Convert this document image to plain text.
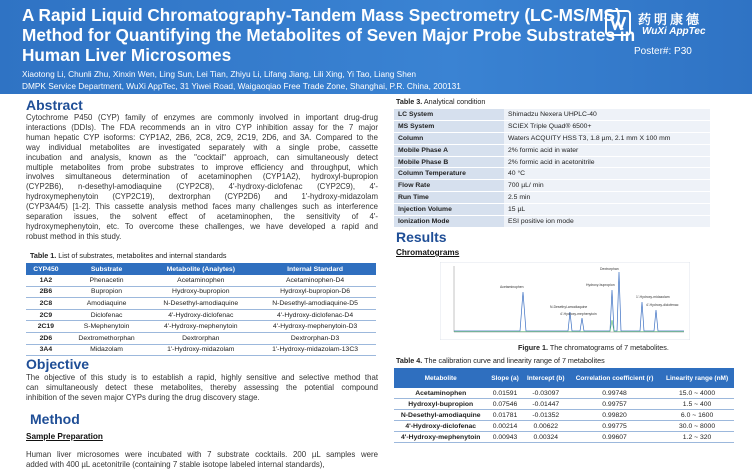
A Rapid Liquid Chromatography-Tandem Mass Spectrometry (LC-MS/MS)
Method for Quantifying the Metabolites of Seven Major Probe Substrates in
Human Liver Microsomes
Xiaotong Li, Chunli Zhu, Xinxin Wen, Ling Sun, Lei Tian, Zhiyu Li, Lifang Jiang, Lili Xing, Yi Tao, Liang Shen
DMPK Service Department, WuXi AppTec, 31 Yiwei Road, Waigaoqiao Free Trade Zone, Shanghai, P.R. China, 200131
药明康德
WuXi AppTec
Poster#: P30
Abstract
Cytochrome P450 (CYP) family of enzymes are commonly involved in important drug-drug
interactions (DDIs). The FDA recommends an in vitro CYP inhibition assay for the 7 major
human hepatic CYP isoforms: CYP1A2, 2B6, 2C8, 2C9, 2C19, 2D6, and 3A. Compared to the
way individual metabolites are investigated separately with a single probe, cassette
incubation and analysis, known as the "cocktail" approach, can simultaneously detect
multiple metabolites from probe substrates to improve efficiency and throughput, which
involves simultaneous determination of acetaminophen (CYP1A2), hydroxyl-bupropion
(CYP2B6), n-desethyl-amodiaquine (CYP2C8), 4'-hydroxy-diclofenac (CYP2C9), 4'-
hydroxymephenytoin (CYP2C19), dextrorphan (CYP2D6) and 1'-hydroxy-midazolam
(CYP3A4/5) [1-2]. This cassette analysis method faces many challenges such as interference
separation issues, the solvent effect of acetaminophen, the sensitivity of 4'-
hydroxymephenytoin, etc. To overcome these challenges, we have developed a rapid and
robust method in this study.
Table 1. List of substrates, metabolites and internal standards
CYP450	Substrate	Metabolite (Analytes)	Internal Standard
1A2	Phenacetin	Acetaminophen	Acetaminophen-D4
2B6	Bupropion	Hydroxy-bupropion	Hydroxyl-bupropion-D6
2C8	Amodiaquine	N-Desethyl-amodiaquine	N-Desethyl-amodiaquine-D5
2C9	Diclofenac	4'-Hydroxy-diclofenac	4'-Hydroxy-diclofenac-D4
2C19	S-Mephenytoin	4'-Hydroxy-mephenytoin	4'-Hydroxy-mephenytoin-D3
2D6	Dextromethorphan	Dextrorphan	Dextrorphan-D3
3A4	Midazolam	1'-Hydroxy-midazolam	1'-Hydroxy-midazolam-13C3
Objective
The objective of this study is to establish a rapid, highly sensitive and selective method that
can simultaneously detect these metabolites, thereby assessing the potential compound
inhibition of the seven major CYPs during the drug discovery stage.
Method
Sample Preparation
Human liver microsomes were incubated with 7 substrate cocktails. 200 µL samples were
added with 400 µL acetonitrile (containing 7 stable isotope labeled internal standards),
Table 3. Analytical condition
LC System	Shimadzu Nexera UHPLC-40
MS System	SCIEX Triple Quad® 6500+
Column	Waters ACQUITY HSS T3, 1.8 µm, 2.1 mm X 100 mm
Mobile Phase A	2% formic acid in water
Mobile Phase B	2% formic acid in acetonitrile
Column Temperature	40 °C
Flow Rate	700 µL/ min
Run Time	2.5 min
Injection Volume	15 µL
Ionization Mode	ESI positive ion mode
Results
Chromatograms
Acetaminophen
Dextrorphan
Hydroxy-bupropion
1'-Hydroxy-midazolam
N-Desethyl-amodiaquine
4'-Hydroxy-mephenytoin
4'-Hydroxy-diclofenac
Figure 1. The chromatograms of 7 metabolites.
Table 4. The calibration curve and linearity range of 7 metabolites
Metabolite	Slope (a)	Intercept (b)	Correlation coefficient (r)	Linearity range (nM)
Acetaminophen	0.01591	-0.03097	0.99748	15.0 ~ 4000
Hydroxyl-bupropion	0.07546	-0.01447	0.99757	1.5 ~ 400
N-Desethyl-amodiaquine	0.01781	-0.01352	0.99820	6.0 ~ 1600
4'-Hydroxy-diclofenac	0.00214	0.00622	0.99775	30.0 ~ 8000
4'-Hydroxy-mephenytoin	0.00943	0.00324	0.99607	1.2 ~ 320
